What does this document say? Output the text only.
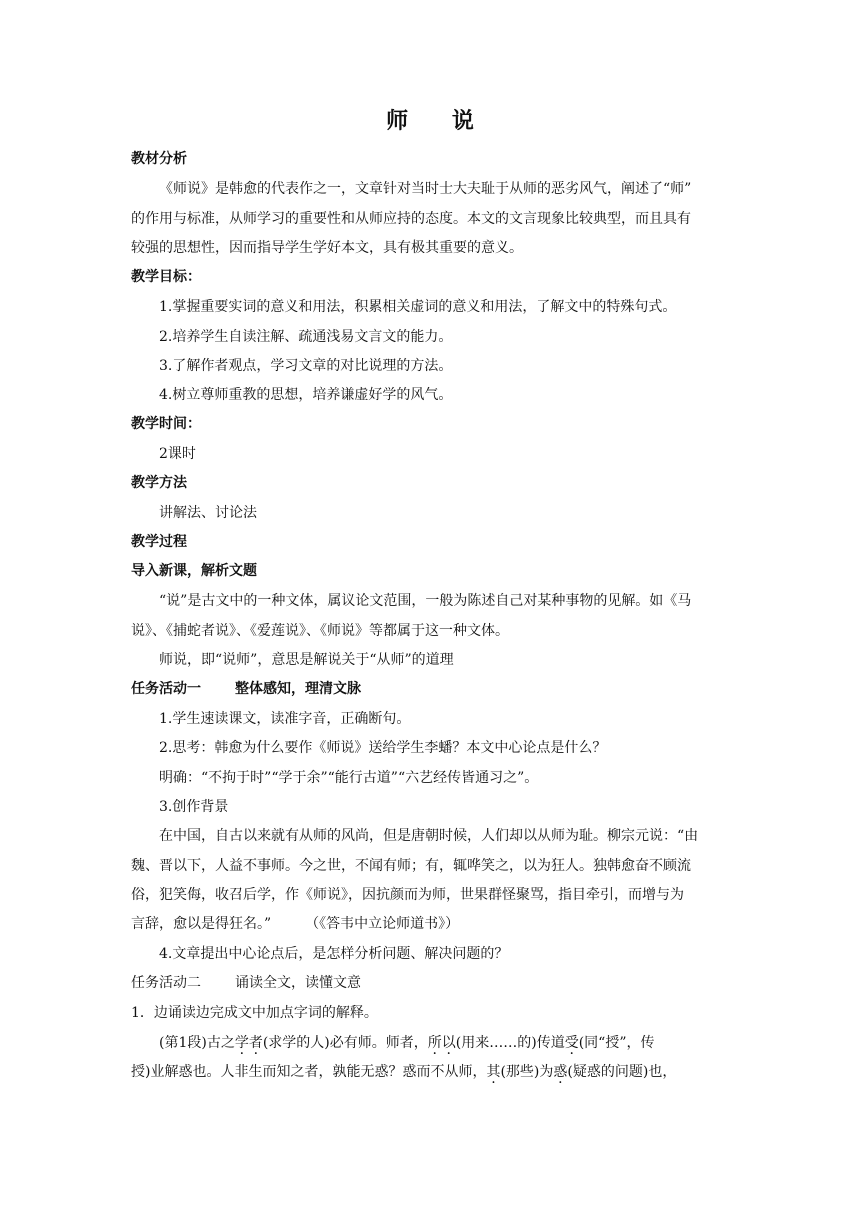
师 说
教材分析
《师说》是韩愈的代表作之一，文章针对当时士大夫耻于从师的恶劣风气，阐述了“师”
的作用与标准，从师学习的重要性和从师应持的态度。本文的文言现象比较典型，而且具有
较强的思想性，因而指导学生学好本文，具有极其重要的意义。
教学目标：
1.掌握重要实词的意义和用法，积累相关虚词的意义和用法，了解文中的特殊句式。
2.培养学生自读注解、疏通浅易文言文的能力。
3.了解作者观点，学习文章的对比说理的方法。
4.树立尊师重教的思想，培养谦虚好学的风气。
教学时间：
2课时
教学方法
讲解法、讨论法
教学过程
导入新课，解析文题
“说”是古文中的一种文体，属议论文范围，一般为陈述自己对某种事物的见解。如《马
说》、《捕蛇者说》、《爱莲说》、《师说》等都属于这一种文体。
师说，即“说师”，意思是解说关于“从师”的道理
任务活动一 整体感知，理清文脉
1.学生速读课文，读准字音，正确断句。
2.思考：韩愈为什么要作《师说》送给学生李蟠？本文中心论点是什么？
明确：“不拘于时”“学于余”“能行古道”“六艺经传皆通习之”。
3.创作背景
在中国，自古以来就有从师的风尚，但是唐朝时候，人们却以从师为耻。柳宗元说：“由
魏、晋以下，人益不事师。今之世，不闻有师；有，辄哗笑之，以为狂人。独韩愈奋不顾流
俗，犯笑侮，收召后学，作《师说》，因抗颜而为师，世果群怪聚骂，指目牵引，而增与为
言辞，愈以是得狂名。” （《答韦中立论师道书》）
4.文章提出中心论点后，是怎样分析问题、解决问题的？
任务活动二 诵读全文，读懂文意
1．边诵读边完成文中加点字词的解释。
(第1段)古之学者(求学的人)必有师。师者，所以(用来……的)传道受(同“授”，传
授)业解惑也。人非生而知之者，孰能无惑？惑而不从师，其(那些)为惑(疑惑的问题)也，
